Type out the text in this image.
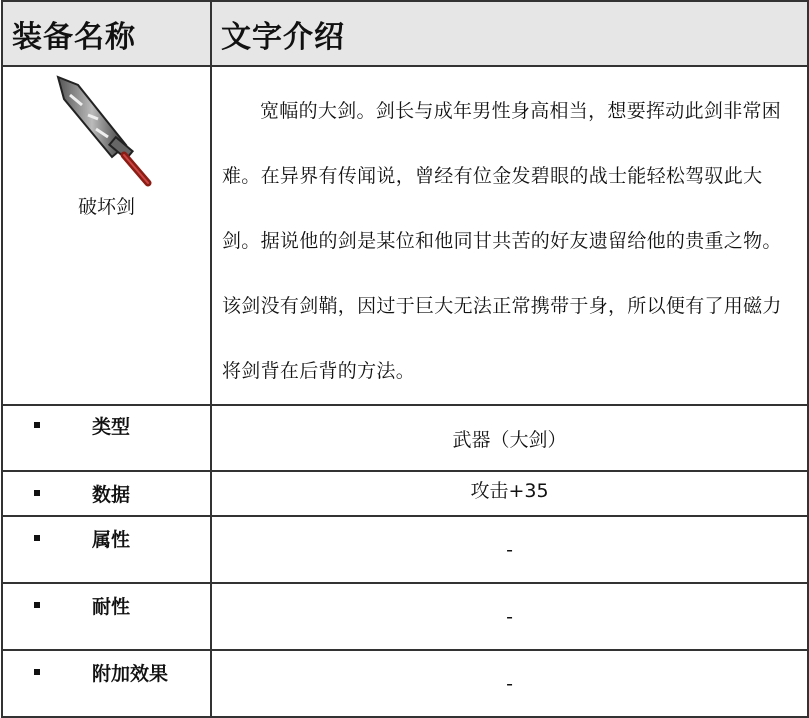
装备名称	文字介绍

破坏剑	宽幅的大剑。剑长与成年男性身高相当，想要挥动此剑非常困难。在异界有传闻说，曾经有位金发碧眼的战士能轻松驾驭此大剑。据说他的剑是某位和他同甘共苦的好友遗留给他的贵重之物。该剑没有剑鞘，因过于巨大无法正常携带于身，所以便有了用磁力将剑背在后背的方法。

类型	武器（大剑）

数据	攻击+35

属性	-

耐性	-

附加效果	-
